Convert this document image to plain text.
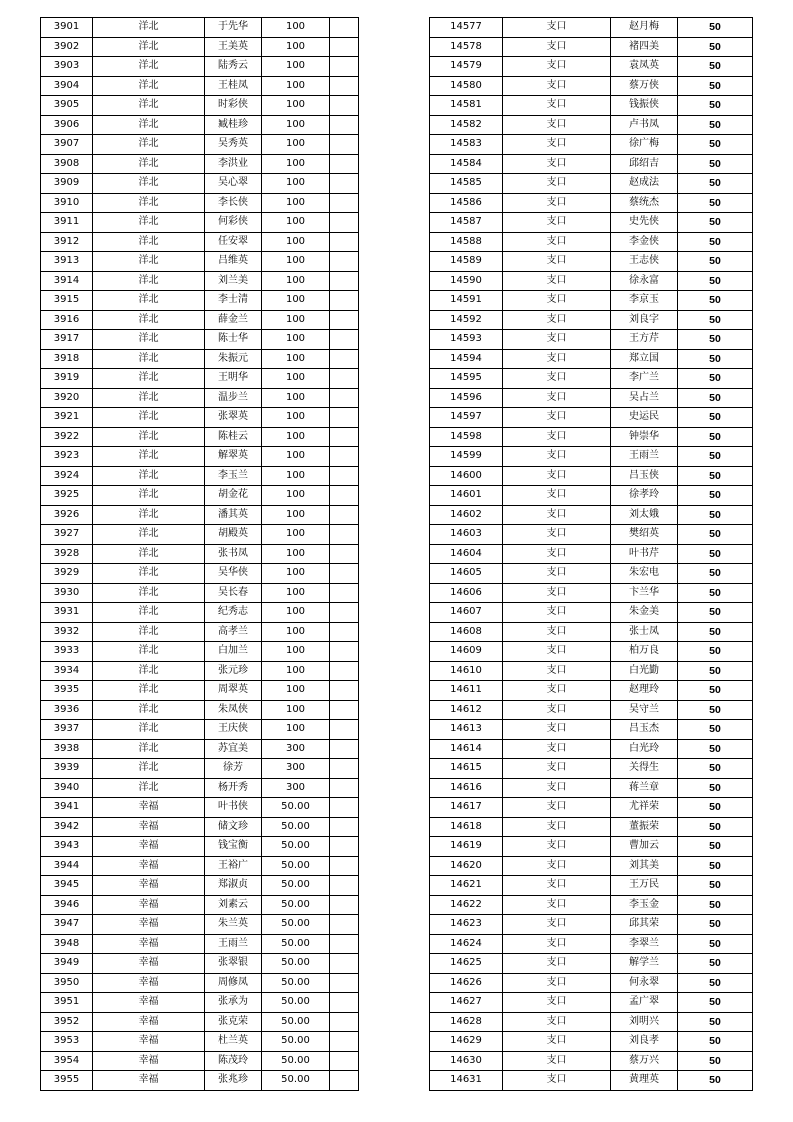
3901	洋北	于先华	100	
3902	洋北	王美英	100	
3903	洋北	陆秀云	100	
3904	洋北	王桂凤	100	
3905	洋北	时彩侠	100	
3906	洋北	臧桂珍	100	
3907	洋北	吴秀英	100	
3908	洋北	李洪业	100	
3909	洋北	吴心翠	100	
3910	洋北	李长侠	100	
3911	洋北	何彩侠	100	
3912	洋北	任安翠	100	
3913	洋北	吕维英	100	
3914	洋北	刘兰美	100	
3915	洋北	李士清	100	
3916	洋北	薛金兰	100	
3917	洋北	陈士华	100	
3918	洋北	朱振元	100	
3919	洋北	王明华	100	
3920	洋北	温步兰	100	
3921	洋北	张翠英	100	
3922	洋北	陈桂云	100	
3923	洋北	解翠英	100	
3924	洋北	李玉兰	100	
3925	洋北	胡金花	100	
3926	洋北	潘其英	100	
3927	洋北	胡殿英	100	
3928	洋北	张书凤	100	
3929	洋北	吴华侠	100	
3930	洋北	吴长春	100	
3931	洋北	纪秀志	100	
3932	洋北	高孝兰	100	
3933	洋北	白加兰	100	
3934	洋北	张元珍	100	
3935	洋北	周翠英	100	
3936	洋北	朱凤侠	100	
3937	洋北	王庆侠	100	
3938	洋北	苏宜美	300	
3939	洋北	徐芳	300	
3940	洋北	杨开秀	300	
3941	幸福	叶书侠	50.00	
3942	幸福	储文珍	50.00	
3943	幸福	钱宝衡	50.00	
3944	幸福	王裕广	50.00	
3945	幸福	郑淑贞	50.00	
3946	幸福	刘素云	50.00	
3947	幸福	朱兰英	50.00	
3948	幸福	王雨兰	50.00	
3949	幸福	张翠银	50.00	
3950	幸福	周修凤	50.00	
3951	幸福	张承为	50.00	
3952	幸福	张克荣	50.00	
3953	幸福	杜兰英	50.00	
3954	幸福	陈茂玲	50.00	
3955	幸福	张兆珍	50.00	
14577	支口	赵月梅	50
14578	支口	褚四美	50
14579	支口	袁凤英	50
14580	支口	蔡万侠	50
14581	支口	钱振侠	50
14582	支口	卢书凤	50
14583	支口	徐广梅	50
14584	支口	邱绍吉	50
14585	支口	赵成法	50
14586	支口	蔡统杰	50
14587	支口	史先侠	50
14588	支口	李金侠	50
14589	支口	王志侠	50
14590	支口	徐永富	50
14591	支口	李京玉	50
14592	支口	刘良字	50
14593	支口	王方芹	50
14594	支口	郑立国	50
14595	支口	李广兰	50
14596	支口	吴占兰	50
14597	支口	史运民	50
14598	支口	钟崇华	50
14599	支口	王雨兰	50
14600	支口	吕玉侠	50
14601	支口	徐孝玲	50
14602	支口	刘太娥	50
14603	支口	樊绍英	50
14604	支口	叶书芹	50
14605	支口	朱宏电	50
14606	支口	卞兰华	50
14607	支口	朱金美	50
14608	支口	张士凤	50
14609	支口	柏万良	50
14610	支口	白光勤	50
14611	支口	赵理玲	50
14612	支口	吴守兰	50
14613	支口	吕玉杰	50
14614	支口	白光玲	50
14615	支口	关得生	50
14616	支口	蒋兰章	50
14617	支口	尤祥荣	50
14618	支口	董振荣	50
14619	支口	曹加云	50
14620	支口	刘其美	50
14621	支口	王万民	50
14622	支口	李玉金	50
14623	支口	邱其荣	50
14624	支口	李翠兰	50
14625	支口	解学兰	50
14626	支口	何永翠	50
14627	支口	孟广翠	50
14628	支口	刘明兴	50
14629	支口	刘良孝	50
14630	支口	蔡万兴	50
14631	支口	黄理英	50
